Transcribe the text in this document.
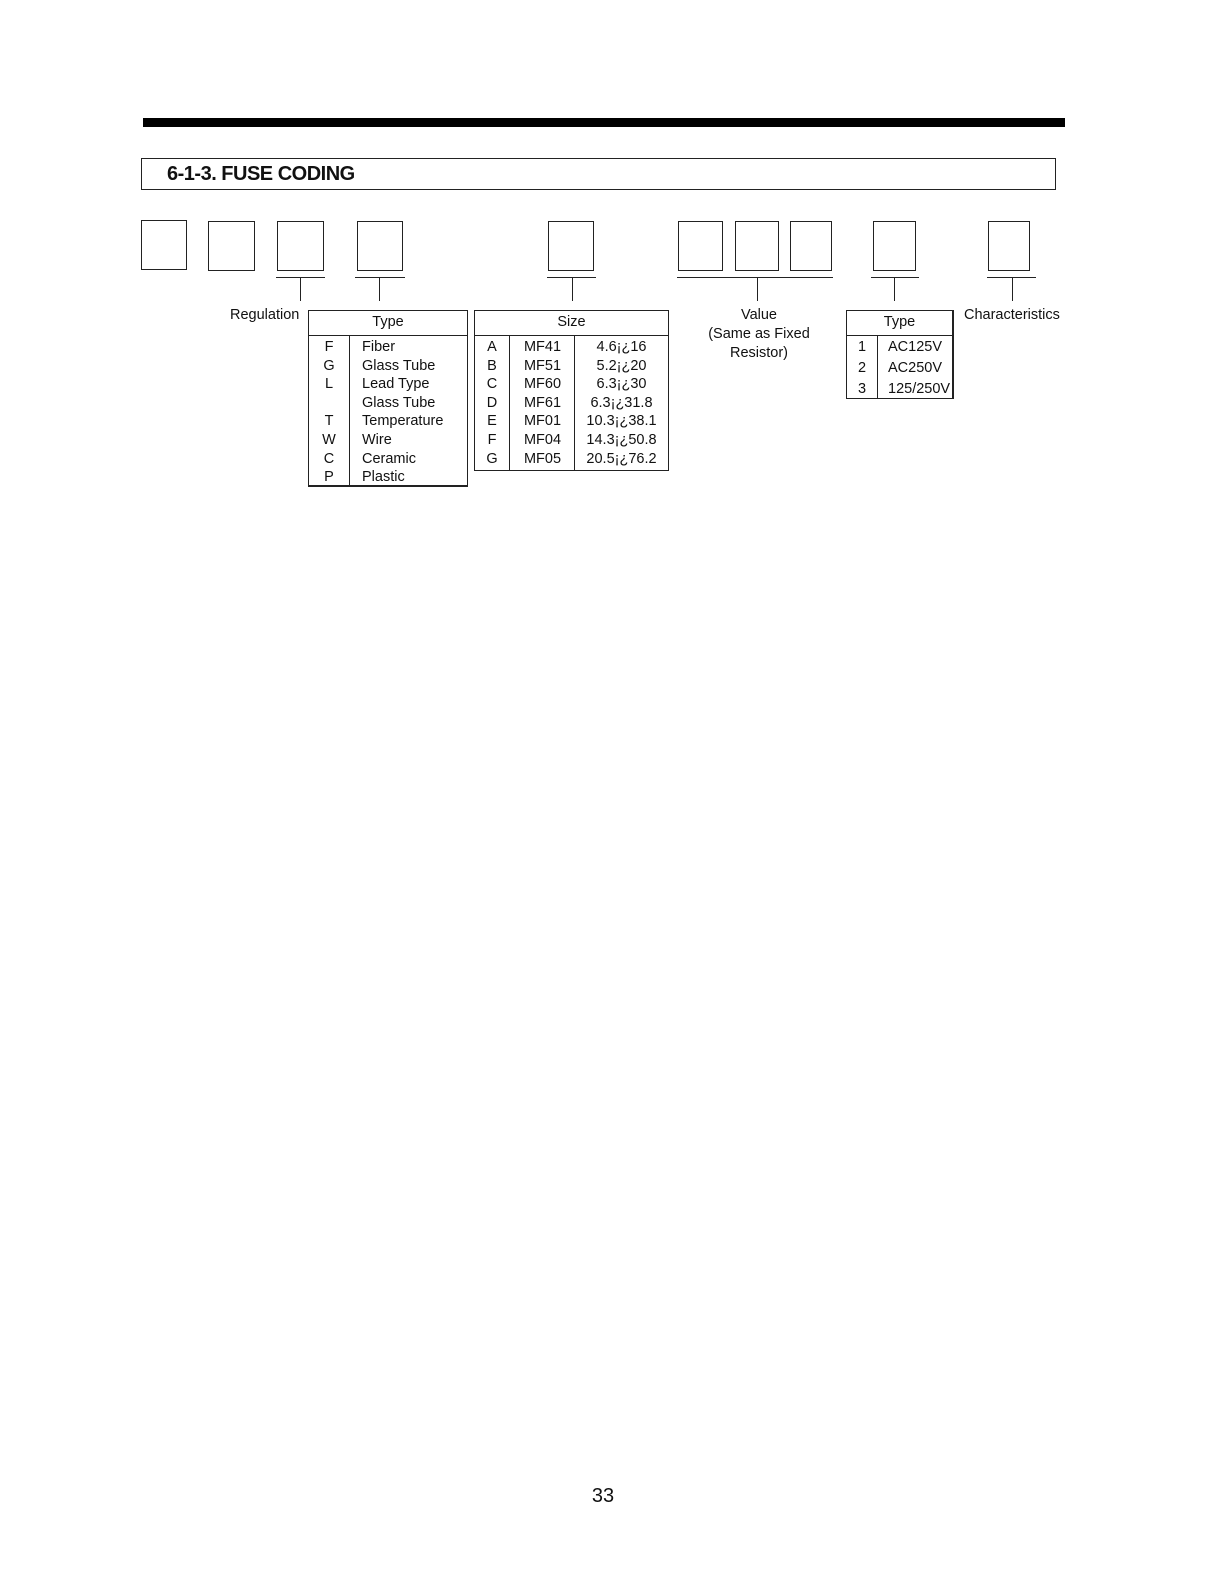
6-1-3. FUSE CODING
Regulation	Value
(Same as Fixed
Resistor)
Characteristics
Type
F
G
L

T
W
C
P
Fiber
Glass Tube
Lead Type
Glass Tube
Temperature
Wire
Ceramic
Plastic
Size
A
B
C
D
E
F
G
MF41
MF51
MF60
MF61
MF01
MF04
MF05
4.6¡¿16
5.2¡¿20
6.3¡¿30
6.3¡¿31.8
10.3¡¿38.1
14.3¡¿50.8
20.5¡¿76.2
Type
1
2
3
AC125V
AC250V
125/250V
33
